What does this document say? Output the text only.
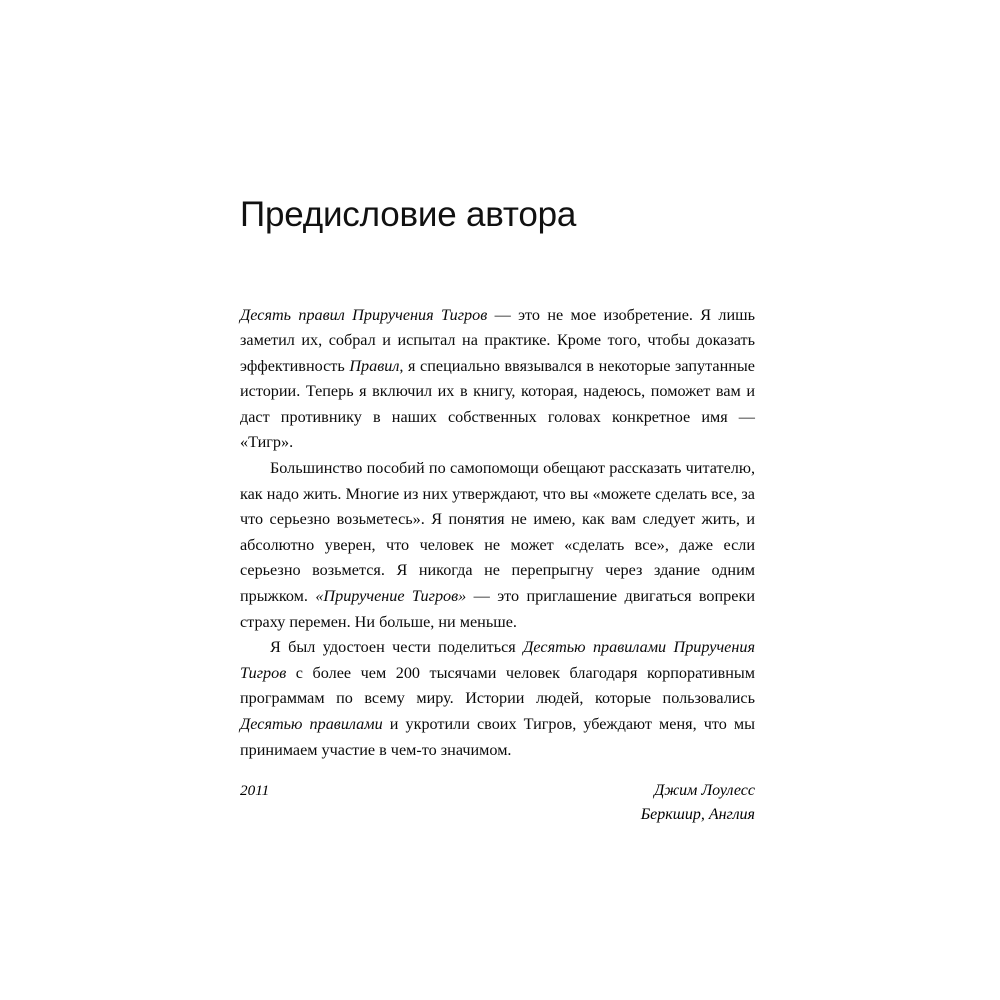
Предисловие автора

Десять правил Приручения Тигров — это не мое изобретение. Я лишь заметил их, собрал и испытал на практике. Кроме того, чтобы доказать эффективность Правил, я специально ввязывался в некоторые запутанные истории. Теперь я включил их в книгу, которая, надеюсь, поможет вам и даст противнику в наших собственных головах конкретное имя — «Тигр».

Большинство пособий по самопомощи обещают рассказать читателю, как надо жить. Многие из них утверждают, что вы «можете сделать все, за что серьезно возьметесь». Я понятия не имею, как вам следует жить, и абсолютно уверен, что человек не может «сделать все», даже если серьезно возьмется. Я никогда не перепрыгну через здание одним прыжком. «Приручение Тигров» — это приглашение двигаться вопреки страху перемен. Ни больше, ни меньше.

Я был удостоен чести поделиться Десятью правилами Приручения Тигров с более чем 200 тысячами человек благодаря корпоративным программам по всему миру. Истории людей, которые пользовались Десятью правилами и укротили своих Тигров, убеждают меня, что мы принимаем участие в чем-то значимом.

2011	Джим Лоулесс
Беркшир, Англия
